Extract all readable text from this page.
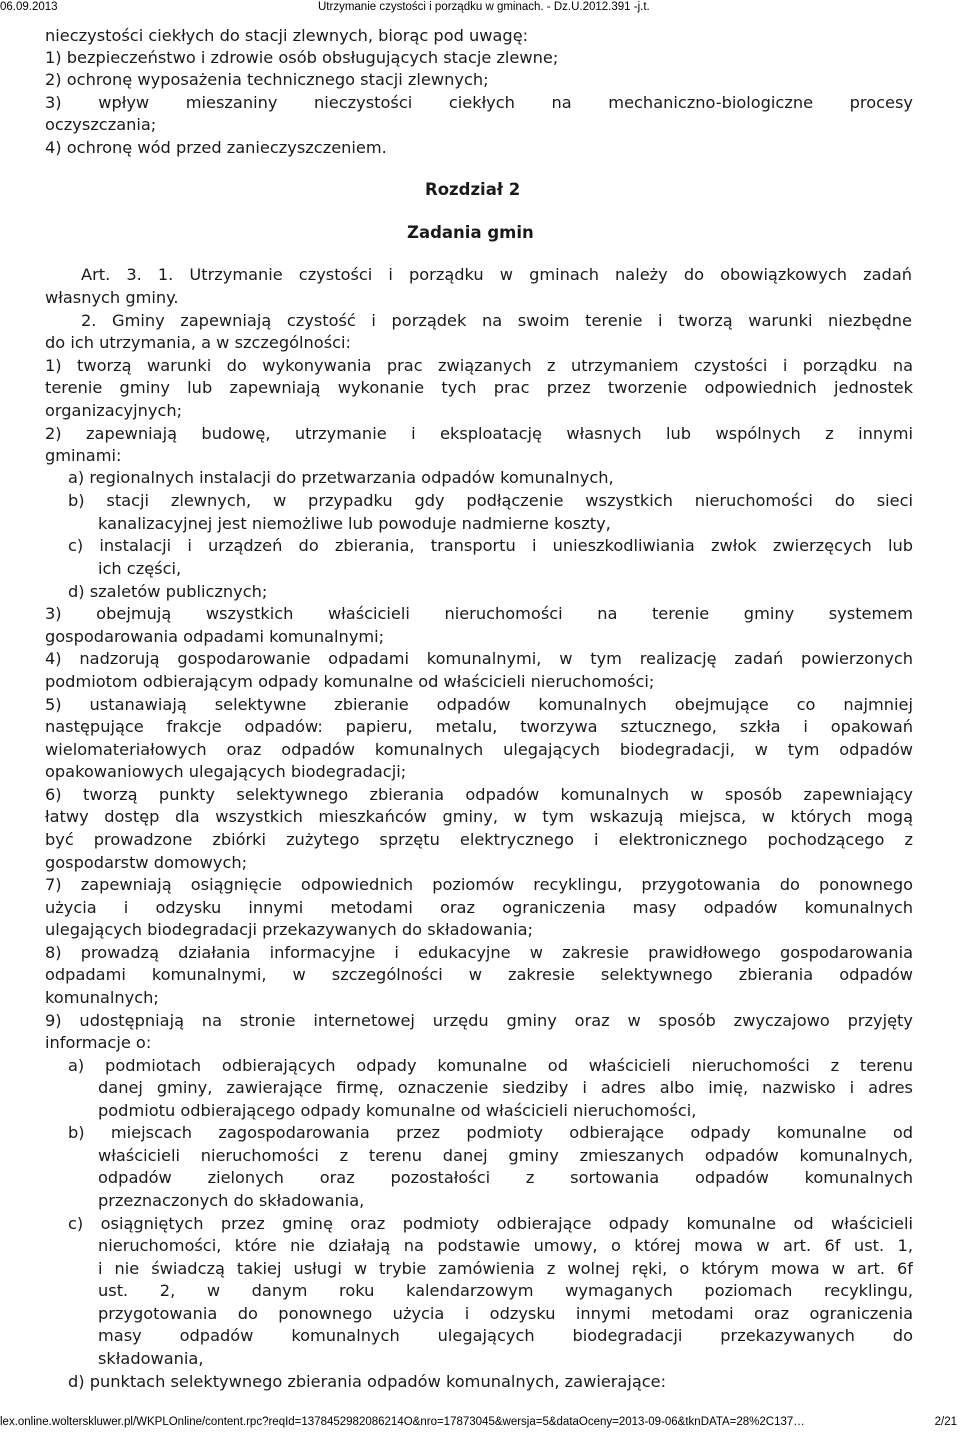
06.09.2013	Utrzymanie czystości i porządku w gminach. - Dz.U.2012.391 -j.t.
nieczystości ciekłych do stacji zlewnych, biorąc pod uwagę:
1) bezpieczeństwo i zdrowie osób obsługujących stacje zlewne;
2) ochronę wyposażenia technicznego stacji zlewnych;
3) wpływ mieszaniny nieczystości ciekłych na mechaniczno-biologiczne procesy
oczyszczania;
4) ochronę wód przed zanieczyszczeniem.
Rozdział 2
Zadania gmin
Art. 3. 1. Utrzymanie czystości i porządku w gminach należy do obowiązkowych zadań
własnych gminy.
2. Gminy zapewniają czystość i porządek na swoim terenie i tworzą warunki niezbędne
do ich utrzymania, a w szczególności:
1) tworzą warunki do wykonywania prac związanych z utrzymaniem czystości i porządku na
terenie gminy lub zapewniają wykonanie tych prac przez tworzenie odpowiednich jednostek
organizacyjnych;
2) zapewniają budowę, utrzymanie i eksploatację własnych lub wspólnych z innymi
gminami:
a) regionalnych instalacji do przetwarzania odpadów komunalnych,
b) stacji zlewnych, w przypadku gdy podłączenie wszystkich nieruchomości do sieci
kanalizacyjnej jest niemożliwe lub powoduje nadmierne koszty,
c) instalacji i urządzeń do zbierania, transportu i unieszkodliwiania zwłok zwierzęcych lub
ich części,
d) szaletów publicznych;
3) obejmują wszystkich właścicieli nieruchomości na terenie gminy systemem
gospodarowania odpadami komunalnymi;
4) nadzorują gospodarowanie odpadami komunalnymi, w tym realizację zadań powierzonych
podmiotom odbierającym odpady komunalne od właścicieli nieruchomości;
5) ustanawiają selektywne zbieranie odpadów komunalnych obejmujące co najmniej
następujące frakcje odpadów: papieru, metalu, tworzywa sztucznego, szkła i opakowań
wielomateriałowych oraz odpadów komunalnych ulegających biodegradacji, w tym odpadów
opakowaniowych ulegających biodegradacji;
6) tworzą punkty selektywnego zbierania odpadów komunalnych w sposób zapewniający
łatwy dostęp dla wszystkich mieszkańców gminy, w tym wskazują miejsca, w których mogą
być prowadzone zbiórki zużytego sprzętu elektrycznego i elektronicznego pochodzącego z
gospodarstw domowych;
7) zapewniają osiągnięcie odpowiednich poziomów recyklingu, przygotowania do ponownego
użycia i odzysku innymi metodami oraz ograniczenia masy odpadów komunalnych
ulegających biodegradacji przekazywanych do składowania;
8) prowadzą działania informacyjne i edukacyjne w zakresie prawidłowego gospodarowania
odpadami komunalnymi, w szczególności w zakresie selektywnego zbierania odpadów
komunalnych;
9) udostępniają na stronie internetowej urzędu gminy oraz w sposób zwyczajowo przyjęty
informacje o:
a) podmiotach odbierających odpady komunalne od właścicieli nieruchomości z terenu
danej gminy, zawierające firmę, oznaczenie siedziby i adres albo imię, nazwisko i adres
podmiotu odbierającego odpady komunalne od właścicieli nieruchomości,
b) miejscach zagospodarowania przez podmioty odbierające odpady komunalne od
właścicieli nieruchomości z terenu danej gminy zmieszanych odpadów komunalnych,
odpadów zielonych oraz pozostałości z sortowania odpadów komunalnych
przeznaczonych do składowania,
c) osiągniętych przez gminę oraz podmioty odbierające odpady komunalne od właścicieli
nieruchomości, które nie działają na podstawie umowy, o której mowa w art. 6f ust. 1,
i nie świadczą takiej usługi w trybie zamówienia z wolnej ręki, o którym mowa w art. 6f
ust. 2, w danym roku kalendarzowym wymaganych poziomach recyklingu,
przygotowania do ponownego użycia i odzysku innymi metodami oraz ograniczenia
masy odpadów komunalnych ulegających biodegradacji przekazywanych do
składowania,
d) punktach selektywnego zbierania odpadów komunalnych, zawierające:
lex.online.wolterskluwer.pl/WKPLOnline/content.rpc?reqId=1378452982086214O&nro=17873045&wersja=5&dataOceny=2013-09-06&tknDATA=28%2C137…	2/21
